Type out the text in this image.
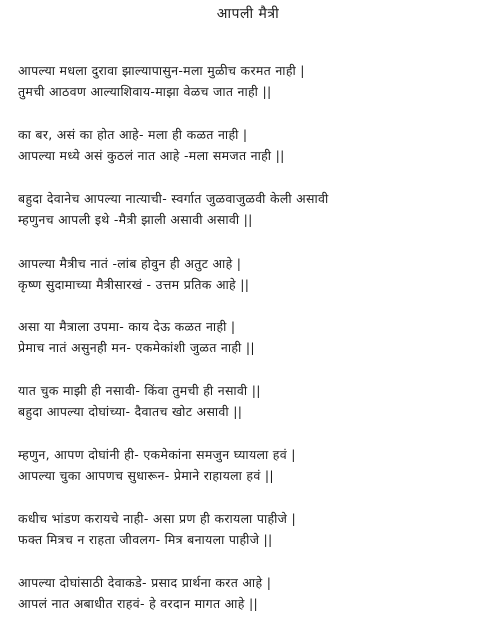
आपली मैत्री
आपल्या मधला दुरावा झाल्यापासुन-मला मुळीच करमत नाही |
तुमची आठवण आल्याशिवाय-माझा वेळच जात नाही ||
का बर, असं का होत आहे- मला ही कळत नाही |
आपल्या मध्ये असं कुठलं नात आहे -मला समजत नाही ||
बहुदा देवानेच आपल्या नात्याची- स्वर्गात जुळवाजुळवी केली असावी
म्हणुनच आपली इथे -मैत्री झाली असावी असावी ||
आपल्या मैत्रीच नातं -लांब होवुन ही अतुट आहे |
कृष्ण सुदामाच्या मैत्रीसारखं - उत्तम प्रतिक आहे ||
असा या मैत्राला उपमा- काय देऊ कळत नाही |
प्रेमाच नातं असुनही मन- एकमेकांशी जुळत नाही ||
यात चुक माझी ही नसावी- किंवा तुमची ही नसावी ||
बहुदा आपल्या दोघांच्या- दैवातच खोट असावी ||
म्हणुन, आपण दोघांनी ही- एकमेकांना समजुन घ्यायला हवं |
आपल्या चुका आपणच सुधारून- प्रेमाने राहायला हवं ||
कधीच भांडण करायचे नाही- असा प्रण ही करायला पाहीजे |
फक्त मित्रच न राहता जीवलग- मित्र बनायला पाहीजे ||
आपल्या दोघांसाठी देवाकडे- प्रसाद प्रार्थना करत आहे |
आपलं नात अबाधीत राहवं- हे वरदान मागत आहे ||
